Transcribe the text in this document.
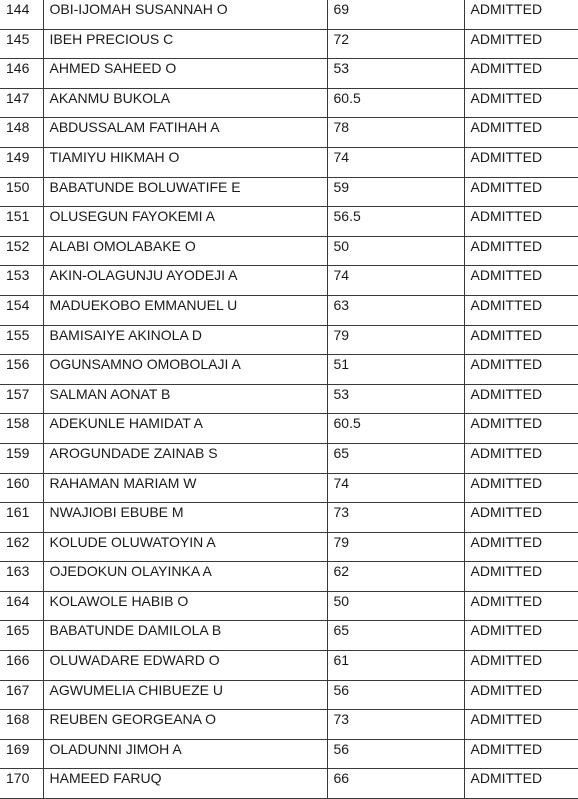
144	OBI-IJOMAH SUSANNAH O	69	ADMITTED
145	IBEH PRECIOUS C	72	ADMITTED
146	AHMED SAHEED O	53	ADMITTED
147	AKANMU BUKOLA	60.5	ADMITTED
148	ABDUSSALAM FATIHAH A	78	ADMITTED
149	TIAMIYU HIKMAH O	74	ADMITTED
150	BABATUNDE BOLUWATIFE E	59	ADMITTED
151	OLUSEGUN FAYOKEMI A	56.5	ADMITTED
152	ALABI OMOLABAKE O	50	ADMITTED
153	AKIN-OLAGUNJU AYODEJI A	74	ADMITTED
154	MADUEKOBO EMMANUEL U	63	ADMITTED
155	BAMISAIYE AKINOLA D	79	ADMITTED
156	OGUNSAMNO OMOBOLAJI A	51	ADMITTED
157	SALMAN AONAT B	53	ADMITTED
158	ADEKUNLE HAMIDAT A	60.5	ADMITTED
159	AROGUNDADE ZAINAB S	65	ADMITTED
160	RAHAMAN MARIAM W	74	ADMITTED
161	NWAJIOBI EBUBE M	73	ADMITTED
162	KOLUDE OLUWATOYIN A	79	ADMITTED
163	OJEDOKUN OLAYINKA A	62	ADMITTED
164	KOLAWOLE HABIB O	50	ADMITTED
165	BABATUNDE DAMILOLA B	65	ADMITTED
166	OLUWADARE EDWARD O	61	ADMITTED
167	AGWUMELIA CHIBUEZE U	56	ADMITTED
168	REUBEN GEORGEANA O	73	ADMITTED
169	OLADUNNI JIMOH A	56	ADMITTED
170	HAMEED FARUQ	66	ADMITTED
